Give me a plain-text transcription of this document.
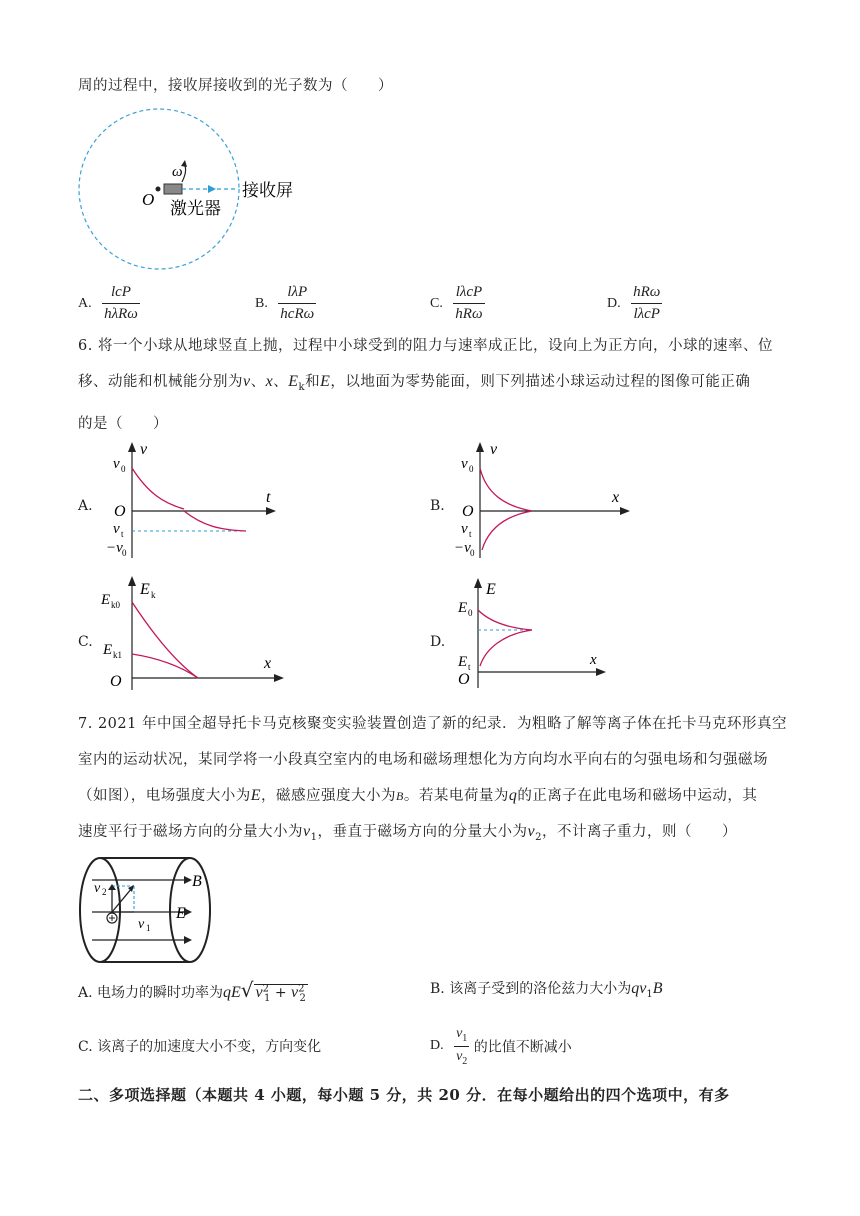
周的过程中，接收屏接收到的光子数为（　　）
ω
O	接收屏
激光器
A. $\frac{\text{lcP}}{\text{hλRω}}$	B. $\frac{\text{lλP}}{\text{hcRω}}$	C. $\frac{\text{lλcP}}{\text{hRω}}$	D. $\frac{\text{hRω}}{\text{lλcP}}$
6. 将一个小球从地球竖直上抛，过程中小球受到的阻力与速率成正比，设向上为正方向，小球的速率、位
移、动能和机械能分别为v、x、$E_k$和E，以地面为零势能面，则下列描述小球运动过程的图像可能正确
的是（　　）
A.
v
t
v 0
O
v t
−v 0
B.
v
x
v 0
O
v t
−v 0
C.
E k
x
E k0
E k1
O
D.
E
x
E 0
E t
O
7. 2021 年中国全超导托卡马克核聚变实验装置创造了新的纪录．为粗略了解等离子体在托卡马克环形真空
室内的运动状况，某同学将一小段真空室内的电场和磁场理想化为方向均水平向右的匀强电场和匀强磁场
（如图），电场强度大小为E，磁感应强度大小为B。若某电荷量为q的正离子在此电场和磁场中运动，其
速度平行于磁场方向的分量大小为$v_1$，垂直于磁场方向的分量大小为$v_2$，不计离子重力，则（　　）
B
E
v 2
v 1
A. 电场力的瞬时功率为qE√ $v^2_1 + v^2_2$
B. 该离子受到的洛伦兹力大小为$qv_1B$
C. 该离子的加速度大小不变，方向变化	D. $\frac{v_1}{v_2}$ 的比值不断减小
二、多项选择题（本题共 4 小题，每小题 5 分，共 20 分．在每小题给出的四个选项中，有多
